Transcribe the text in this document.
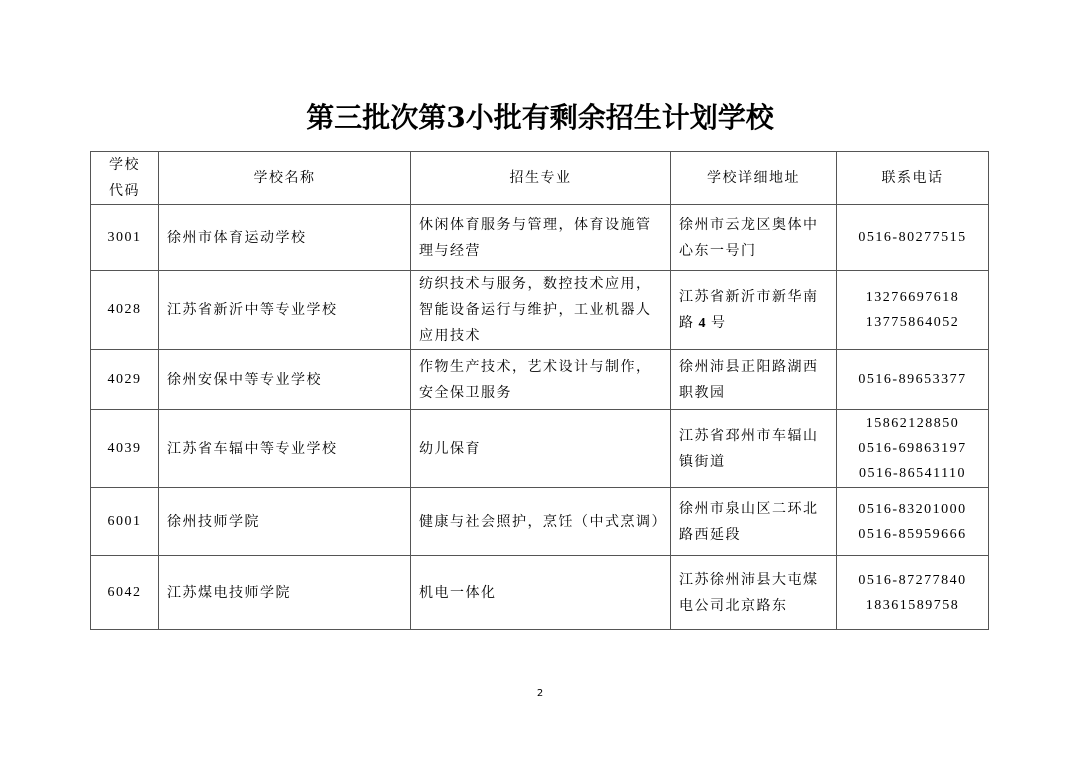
第三批次第3小批有剩余招生计划学校
学校
代码	学校名称	招生专业	学校详细地址	联系电话
3001	徐州市体育运动学校	休闲体育服务与管理，体育设施管理与经营	徐州市云龙区奥体中心东一号门	0516-80277515

4028	江苏省新沂中等专业学校	纺织技术与服务，数控技术应用，智能设备运行与维护，工业机器人应用技术	江苏省新沂市新华南路 4 号	13276697618
13775864052

4029	徐州安保中等专业学校	作物生产技术，艺术设计与制作，安全保卫服务	徐州沛县正阳路湖西职教园	0516-89653377

4039	江苏省车辐中等专业学校	幼儿保育	江苏省邳州市车辐山镇街道	15862128850
0516-69863197
0516-86541110

6001	徐州技师学院	健康与社会照护，烹饪（中式烹调）	徐州市泉山区二环北路西延段	0516-83201000
0516-85959666

6042	江苏煤电技师学院	机电一体化	江苏徐州沛县大屯煤电公司北京路东	0516-87277840
18361589758
2
